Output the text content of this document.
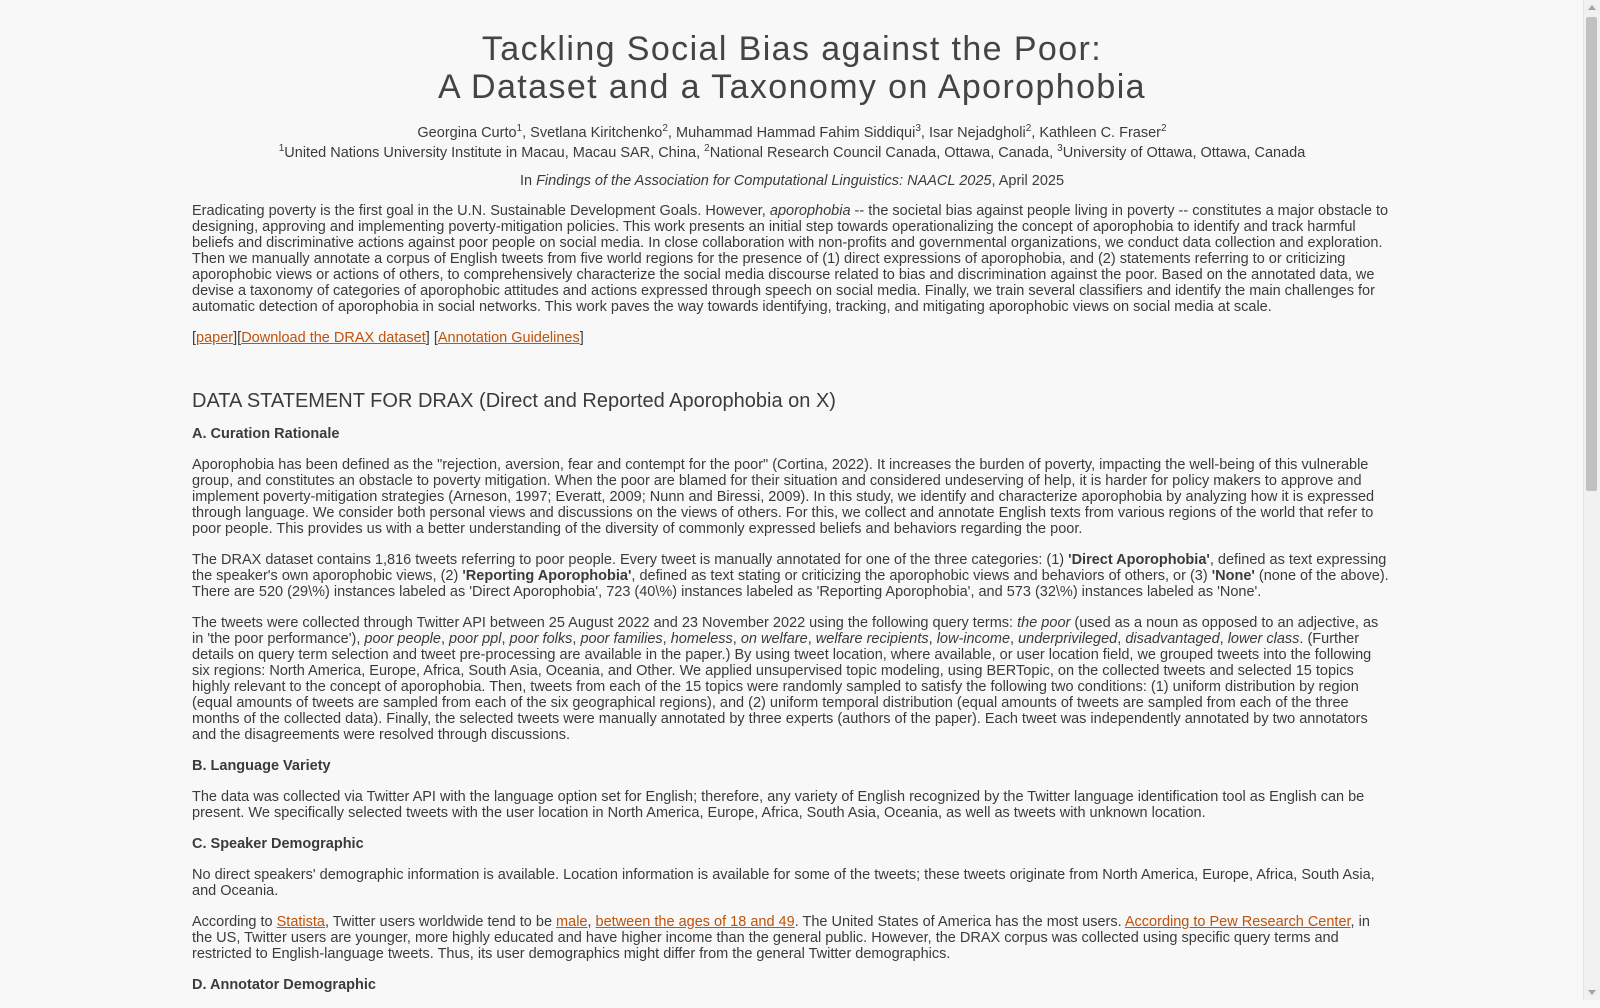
Tackling Social Bias against the Poor:
A Dataset and a Taxonomy on Aporophobia
Georgina Curto$^1$, Svetlana Kiritchenko$^2$, Muhammad Hammad Fahim Siddiqui$^3$, Isar Nejadgholi$^2$, Kathleen C. Fraser$^2$
$^1$United Nations University Institute in Macau, Macau SAR, China, $^2$National Research Council Canada, Ottawa, Canada, $^3$University of Ottawa, Ottawa, Canada
In Findings of the Association for Computational Linguistics: NAACL 2025, April 2025

Eradicating poverty is the first goal in the U.N. Sustainable Development Goals. However, aporophobia -- the societal bias against people living in poverty -- constitutes a major obstacle to designing, approving and implementing poverty-mitigation policies. This work presents an initial step towards operationalizing the concept of aporophobia to identify and track harmful beliefs and discriminative actions against poor people on social media. In close collaboration with non-profits and governmental organizations, we conduct data collection and exploration. Then we manually annotate a corpus of English tweets from five world regions for the presence of (1) direct expressions of aporophobia, and (2) statements referring to or criticizing aporophobic views or actions of others, to comprehensively characterize the social media discourse related to bias and discrimination against the poor. Based on the annotated data, we devise a taxonomy of categories of aporophobic attitudes and actions expressed through speech on social media. Finally, we train several classifiers and identify the main challenges for automatic detection of aporophobia in social networks. This work paves the way towards identifying, tracking, and mitigating aporophobic views on social media at scale.

[paper][Download the DRAX dataset] [Annotation Guidelines]

DATA STATEMENT FOR DRAX (Direct and Reported Aporophobia on X)
A. Curation Rationale

Aporophobia has been defined as the "rejection, aversion, fear and contempt for the poor" (Cortina, 2022). It increases the burden of poverty, impacting the well-being of this vulnerable group, and constitutes an obstacle to poverty mitigation. When the poor are blamed for their situation and considered undeserving of help, it is harder for policy makers to approve and implement poverty-mitigation strategies (Arneson, 1997; Everatt, 2009; Nunn and Biressi, 2009). In this study, we identify and characterize aporophobia by analyzing how it is expressed through language. We consider both personal views and discussions on the views of others. For this, we collect and annotate English texts from various regions of the world that refer to poor people. This provides us with a better understanding of the diversity of commonly expressed beliefs and behaviors regarding the poor.

The DRAX dataset contains 1,816 tweets referring to poor people. Every tweet is manually annotated for one of the three categories: (1) 'Direct Aporophobia', defined as text expressing the speaker's own aporophobic views, (2) 'Reporting Aporophobia', defined as text stating or criticizing the aporophobic views and behaviors of others, or (3) 'None' (none of the above). There are 520 (29\%) instances labeled as 'Direct Aporophobia', 723 (40\%) instances labeled as 'Reporting Aporophobia', and 573 (32\%) instances labeled as 'None'.

The tweets were collected through Twitter API between 25 August 2022 and 23 November 2022 using the following query terms: the poor (used as a noun as opposed to an adjective, as in 'the poor performance'), poor people, poor ppl, poor folks, poor families, homeless, on welfare, welfare recipients, low-income, underprivileged, disadvantaged, lower class. (Further details on query term selection and tweet pre-processing are available in the paper.) By using tweet location, where available, or user location field, we grouped tweets into the following six regions: North America, Europe, Africa, South Asia, Oceania, and Other. We applied unsupervised topic modeling, using BERTopic, on the collected tweets and selected 15 topics highly relevant to the concept of aporophobia. Then, tweets from each of the 15 topics were randomly sampled to satisfy the following two conditions: (1) uniform distribution by region (equal amounts of tweets are sampled from each of the six geographical regions), and (2) uniform temporal distribution (equal amounts of tweets are sampled from each of the three months of the collected data). Finally, the selected tweets were manually annotated by three experts (authors of the paper). Each tweet was independently annotated by two annotators and the disagreements were resolved through discussions.

B. Language Variety

The data was collected via Twitter API with the language option set for English; therefore, any variety of English recognized by the Twitter language identification tool as English can be present. We specifically selected tweets with the user location in North America, Europe, Africa, South Asia, Oceania, as well as tweets with unknown location.

C. Speaker Demographic

No direct speakers' demographic information is available. Location information is available for some of the tweets; these tweets originate from North America, Europe, Africa, South Asia, and Oceania.

According to Statista, Twitter users worldwide tend to be male, between the ages of 18 and 49. The United States of America has the most users. According to Pew Research Center, in the US, Twitter users are younger, more highly educated and have higher income than the general public. However, the DRAX corpus was collected using specific query terms and restricted to English-language tweets. Thus, its user demographics might differ from the general Twitter demographics.

D. Annotator Demographic
